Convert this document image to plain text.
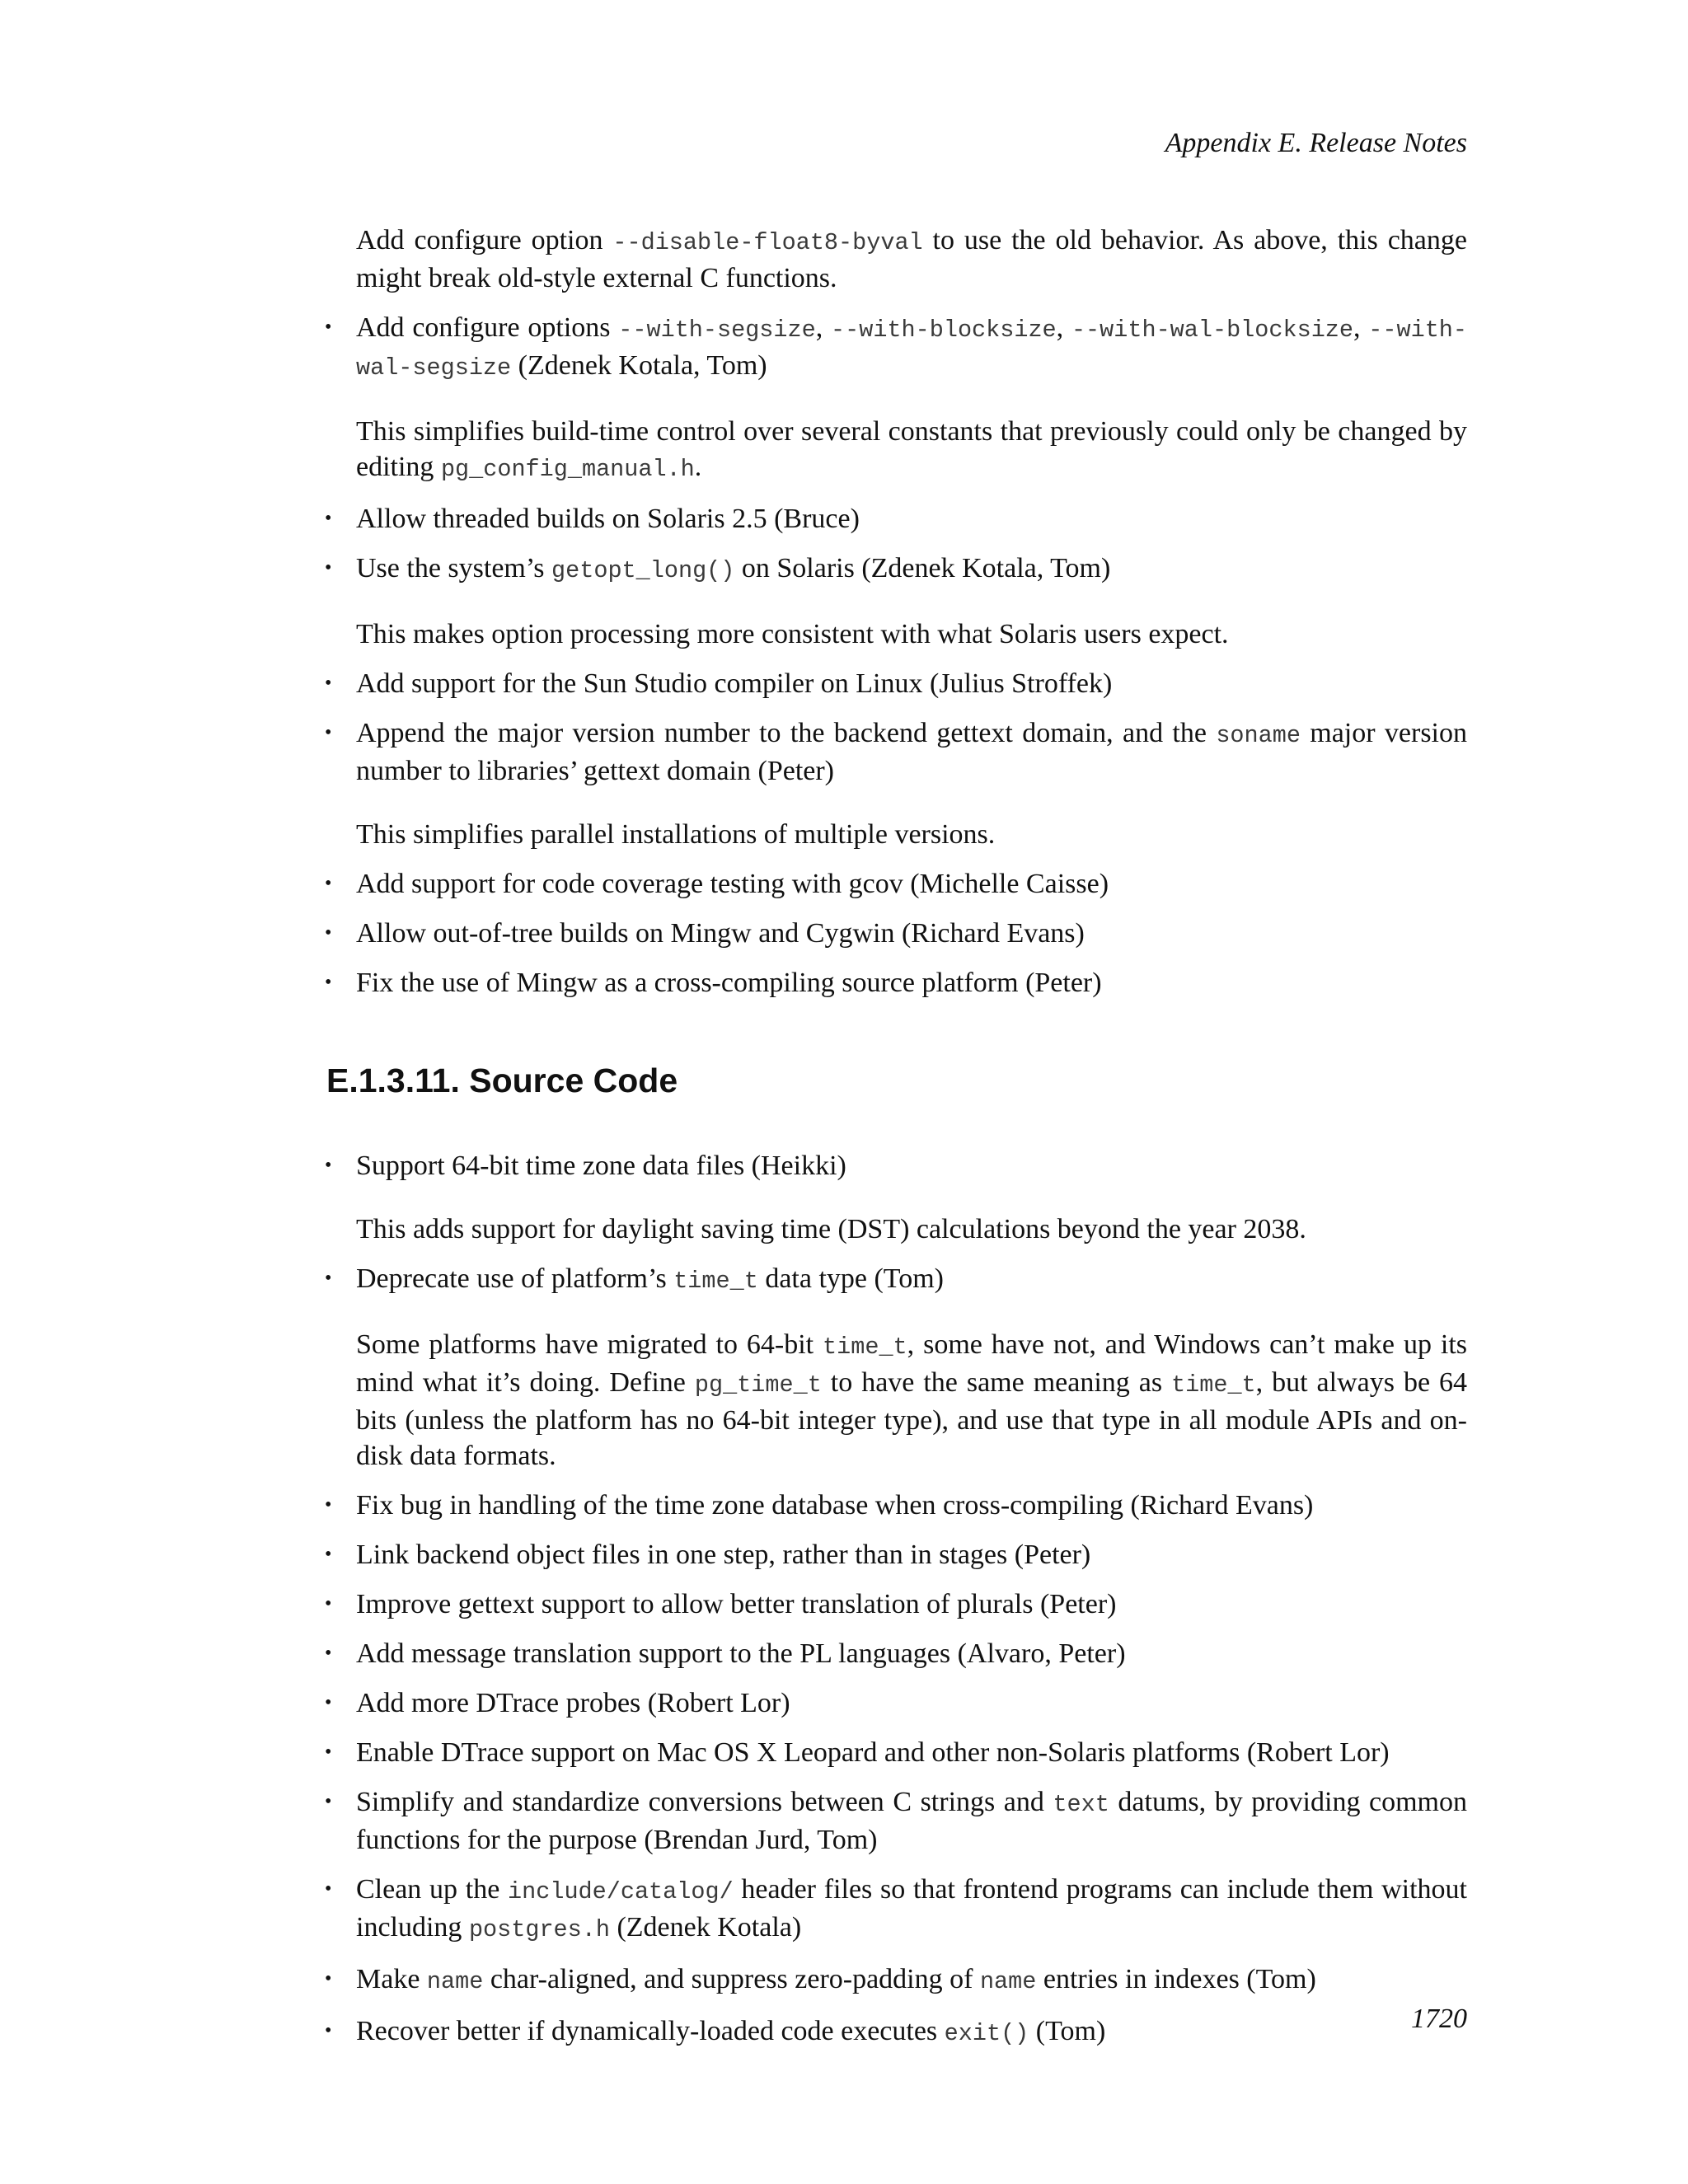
Appendix E. Release Notes

Add configure option --disable-float8-byval to use the old behavior. As above, this change might break old-style external C functions.

• Add configure options --with-segsize, --with-blocksize, --with-wal-blocksize, --with-wal-segsize (Zdenek Kotala, Tom)

This simplifies build-time control over several constants that previously could only be changed by editing pg_config_manual.h.

• Allow threaded builds on Solaris 2.5 (Bruce)
• Use the system’s getopt_long() on Solaris (Zdenek Kotala, Tom)

This makes option processing more consistent with what Solaris users expect.

• Add support for the Sun Studio compiler on Linux (Julius Stroffek)
• Append the major version number to the backend gettext domain, and the soname major version number to libraries’ gettext domain (Peter)

This simplifies parallel installations of multiple versions.

• Add support for code coverage testing with gcov (Michelle Caisse)
• Allow out-of-tree builds on Mingw and Cygwin (Richard Evans)
• Fix the use of Mingw as a cross-compiling source platform (Peter)
E.1.3.11. Source Code
• Support 64-bit time zone data files (Heikki)

This adds support for daylight saving time (DST) calculations beyond the year 2038.

• Deprecate use of platform’s time_t data type (Tom)

Some platforms have migrated to 64-bit time_t, some have not, and Windows can’t make up its mind what it’s doing. Define pg_time_t to have the same meaning as time_t, but always be 64 bits (unless the platform has no 64-bit integer type), and use that type in all module APIs and on-disk data formats.

• Fix bug in handling of the time zone database when cross-compiling (Richard Evans)
• Link backend object files in one step, rather than in stages (Peter)
• Improve gettext support to allow better translation of plurals (Peter)
• Add message translation support to the PL languages (Alvaro, Peter)
• Add more DTrace probes (Robert Lor)
• Enable DTrace support on Mac OS X Leopard and other non-Solaris platforms (Robert Lor)
• Simplify and standardize conversions between C strings and text datums, by providing common functions for the purpose (Brendan Jurd, Tom)
• Clean up the include/catalog/ header files so that frontend programs can include them without including postgres.h (Zdenek Kotala)
• Make name char-aligned, and suppress zero-padding of name entries in indexes (Tom)
• Recover better if dynamically-loaded code executes exit() (Tom)	1720
